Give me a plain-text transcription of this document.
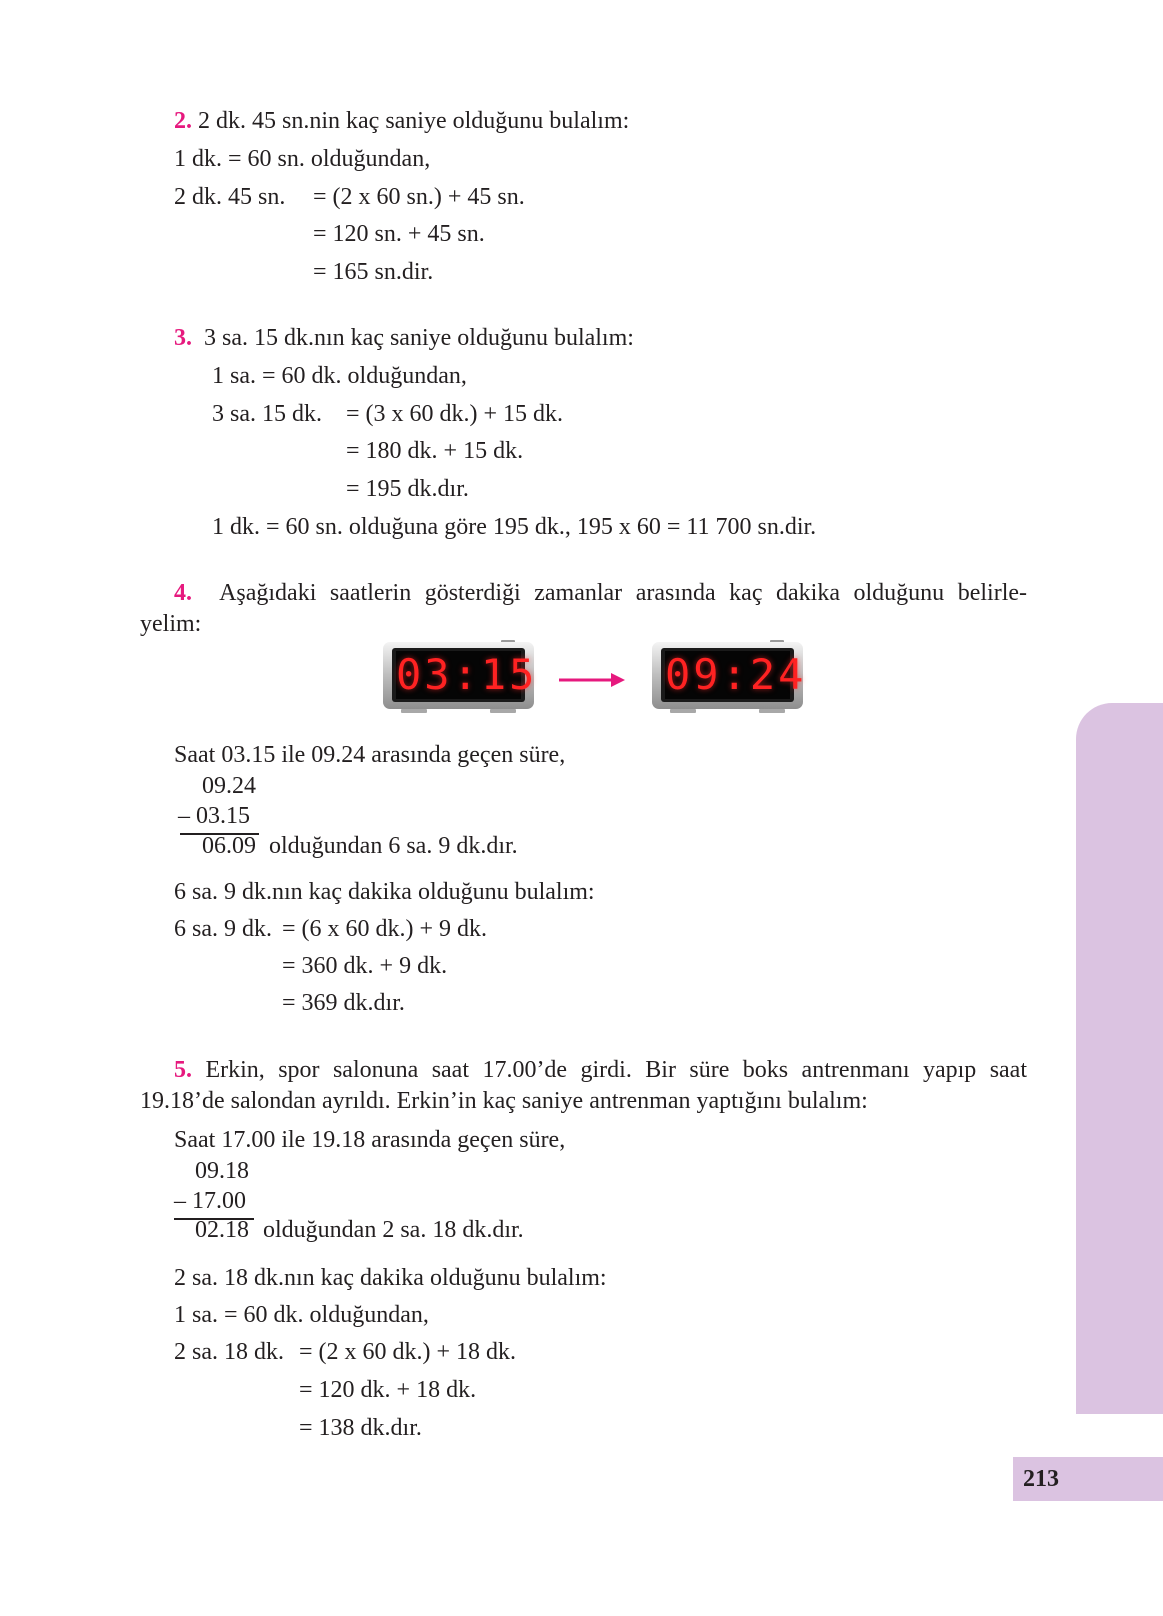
213
2. 2 dk. 45 sn.nin kaç saniye olduğunu bulalım:
1 dk. = 60 sn. olduğundan,
2 dk. 45 sn. = (2 x 60 sn.) + 45 sn.
= 120 sn. + 45 sn.
= 165 sn.dir.
3. 3 sa. 15 dk.nın kaç saniye olduğunu bulalım:
1 sa. = 60 dk. olduğundan,
3 sa. 15 dk. = (3 x 60 dk.) + 15 dk.
= 180 dk. + 15 dk.
= 195 dk.dır.
1 dk. = 60 sn. olduğuna göre 195 dk., 195 x 60 = 11 700 sn.dir.
4. Aşağıdaki saatlerin gösterdiği zamanlar arasında kaç dakika olduğunu belirle-
yelim:
03:15	09:24
Saat 03.15 ile 09.24 arasında geçen süre,
09.24
– 03.15
06.09 olduğundan 6 sa. 9 dk.dır.
6 sa. 9 dk.nın kaç dakika olduğunu bulalım:
6 sa. 9 dk. = (6 x 60 dk.) + 9 dk.
= 360 dk. + 9 dk.
= 369 dk.dır.
5. Erkin, spor salonuna saat 17.00’de girdi. Bir süre boks antrenmanı yapıp saat
19.18’de salondan ayrıldı. Erkin’in kaç saniye antrenman yaptığını bulalım:
Saat 17.00 ile 19.18 arasında geçen süre,
09.18
– 17.00
02.18 olduğundan 2 sa. 18 dk.dır.
2 sa. 18 dk.nın kaç dakika olduğunu bulalım:
1 sa. = 60 dk. olduğundan,
2 sa. 18 dk. = (2 x 60 dk.) + 18 dk.
= 120 dk. + 18 dk.
= 138 dk.dır.
